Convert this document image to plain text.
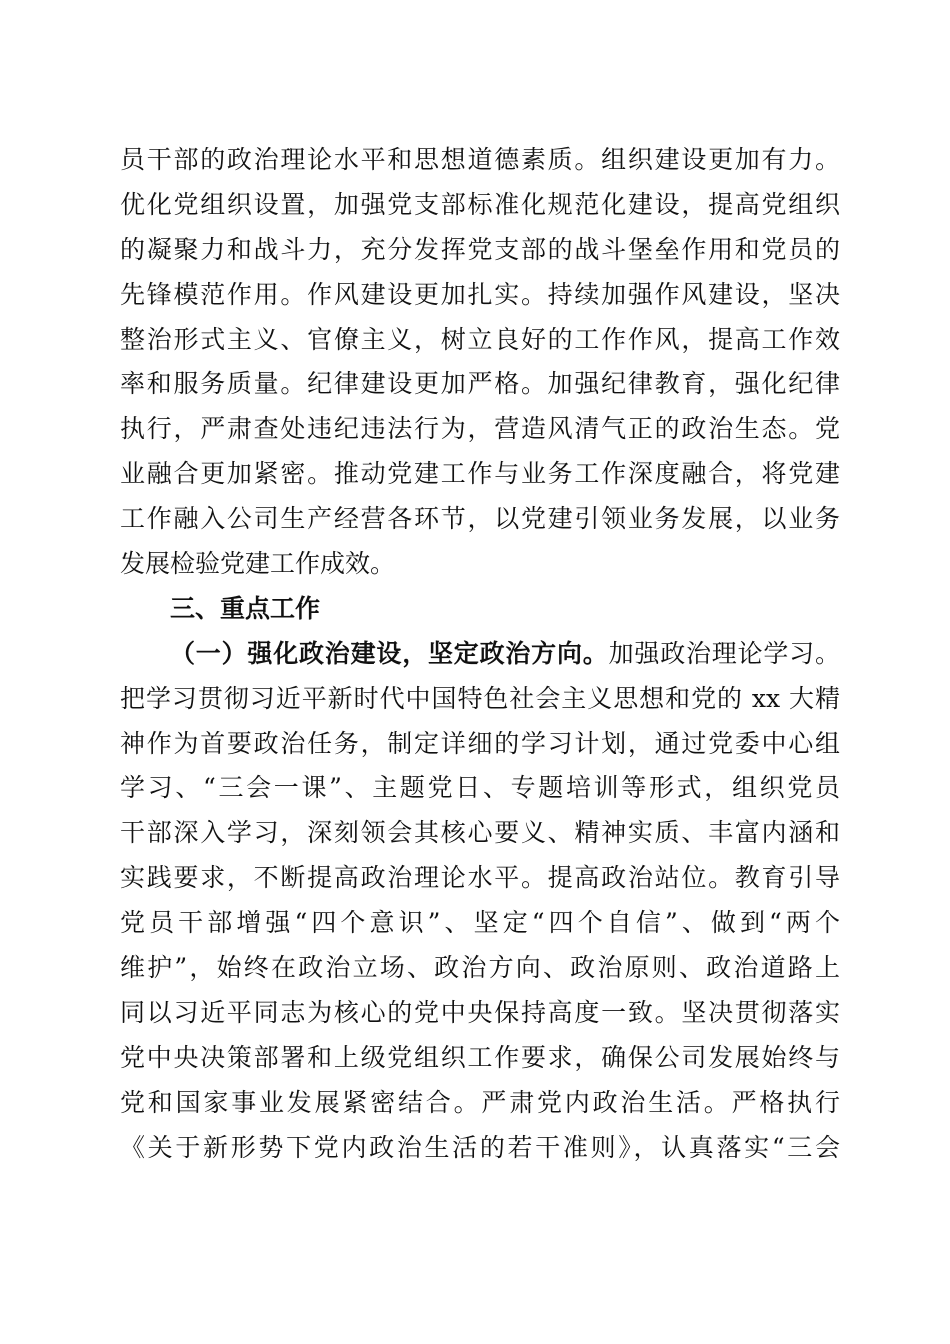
员干部的政治理论水平和思想道德素质。组织建设更加有力。
优化党组织设置，加强党支部标准化规范化建设，提高党组织
的凝聚力和战斗力，充分发挥党支部的战斗堡垒作用和党员的
先锋模范作用。作风建设更加扎实。持续加强作风建设，坚决
整治形式主义、官僚主义，树立良好的工作作风，提高工作效
率和服务质量。纪律建设更加严格。加强纪律教育，强化纪律
执行，严肃查处违纪违法行为，营造风清气正的政治生态。党
业融合更加紧密。推动党建工作与业务工作深度融合，将党建
工作融入公司生产经营各环节，以党建引领业务发展，以业务
发展检验党建工作成效。
三、重点工作
（一）强化政治建设，坚定政治方向。加强政治理论学习。
把学习贯彻习近平新时代中国特色社会主义思想和党的 xx 大精
神作为首要政治任务，制定详细的学习计划，通过党委中心组
学习、“三会一课”、主题党日、专题培训等形式，组织党员
干部深入学习，深刻领会其核心要义、精神实质、丰富内涵和
实践要求，不断提高政治理论水平。提高政治站位。教育引导
党员干部增强“四个意识”、坚定“四个自信”、做到“两个
维护”，始终在政治立场、政治方向、政治原则、政治道路上
同以习近平同志为核心的党中央保持高度一致。坚决贯彻落实
党中央决策部署和上级党组织工作要求，确保公司发展始终与
党和国家事业发展紧密结合。严肃党内政治生活。严格执行
《关于新形势下党内政治生活的若干准则》，认真落实“三会
